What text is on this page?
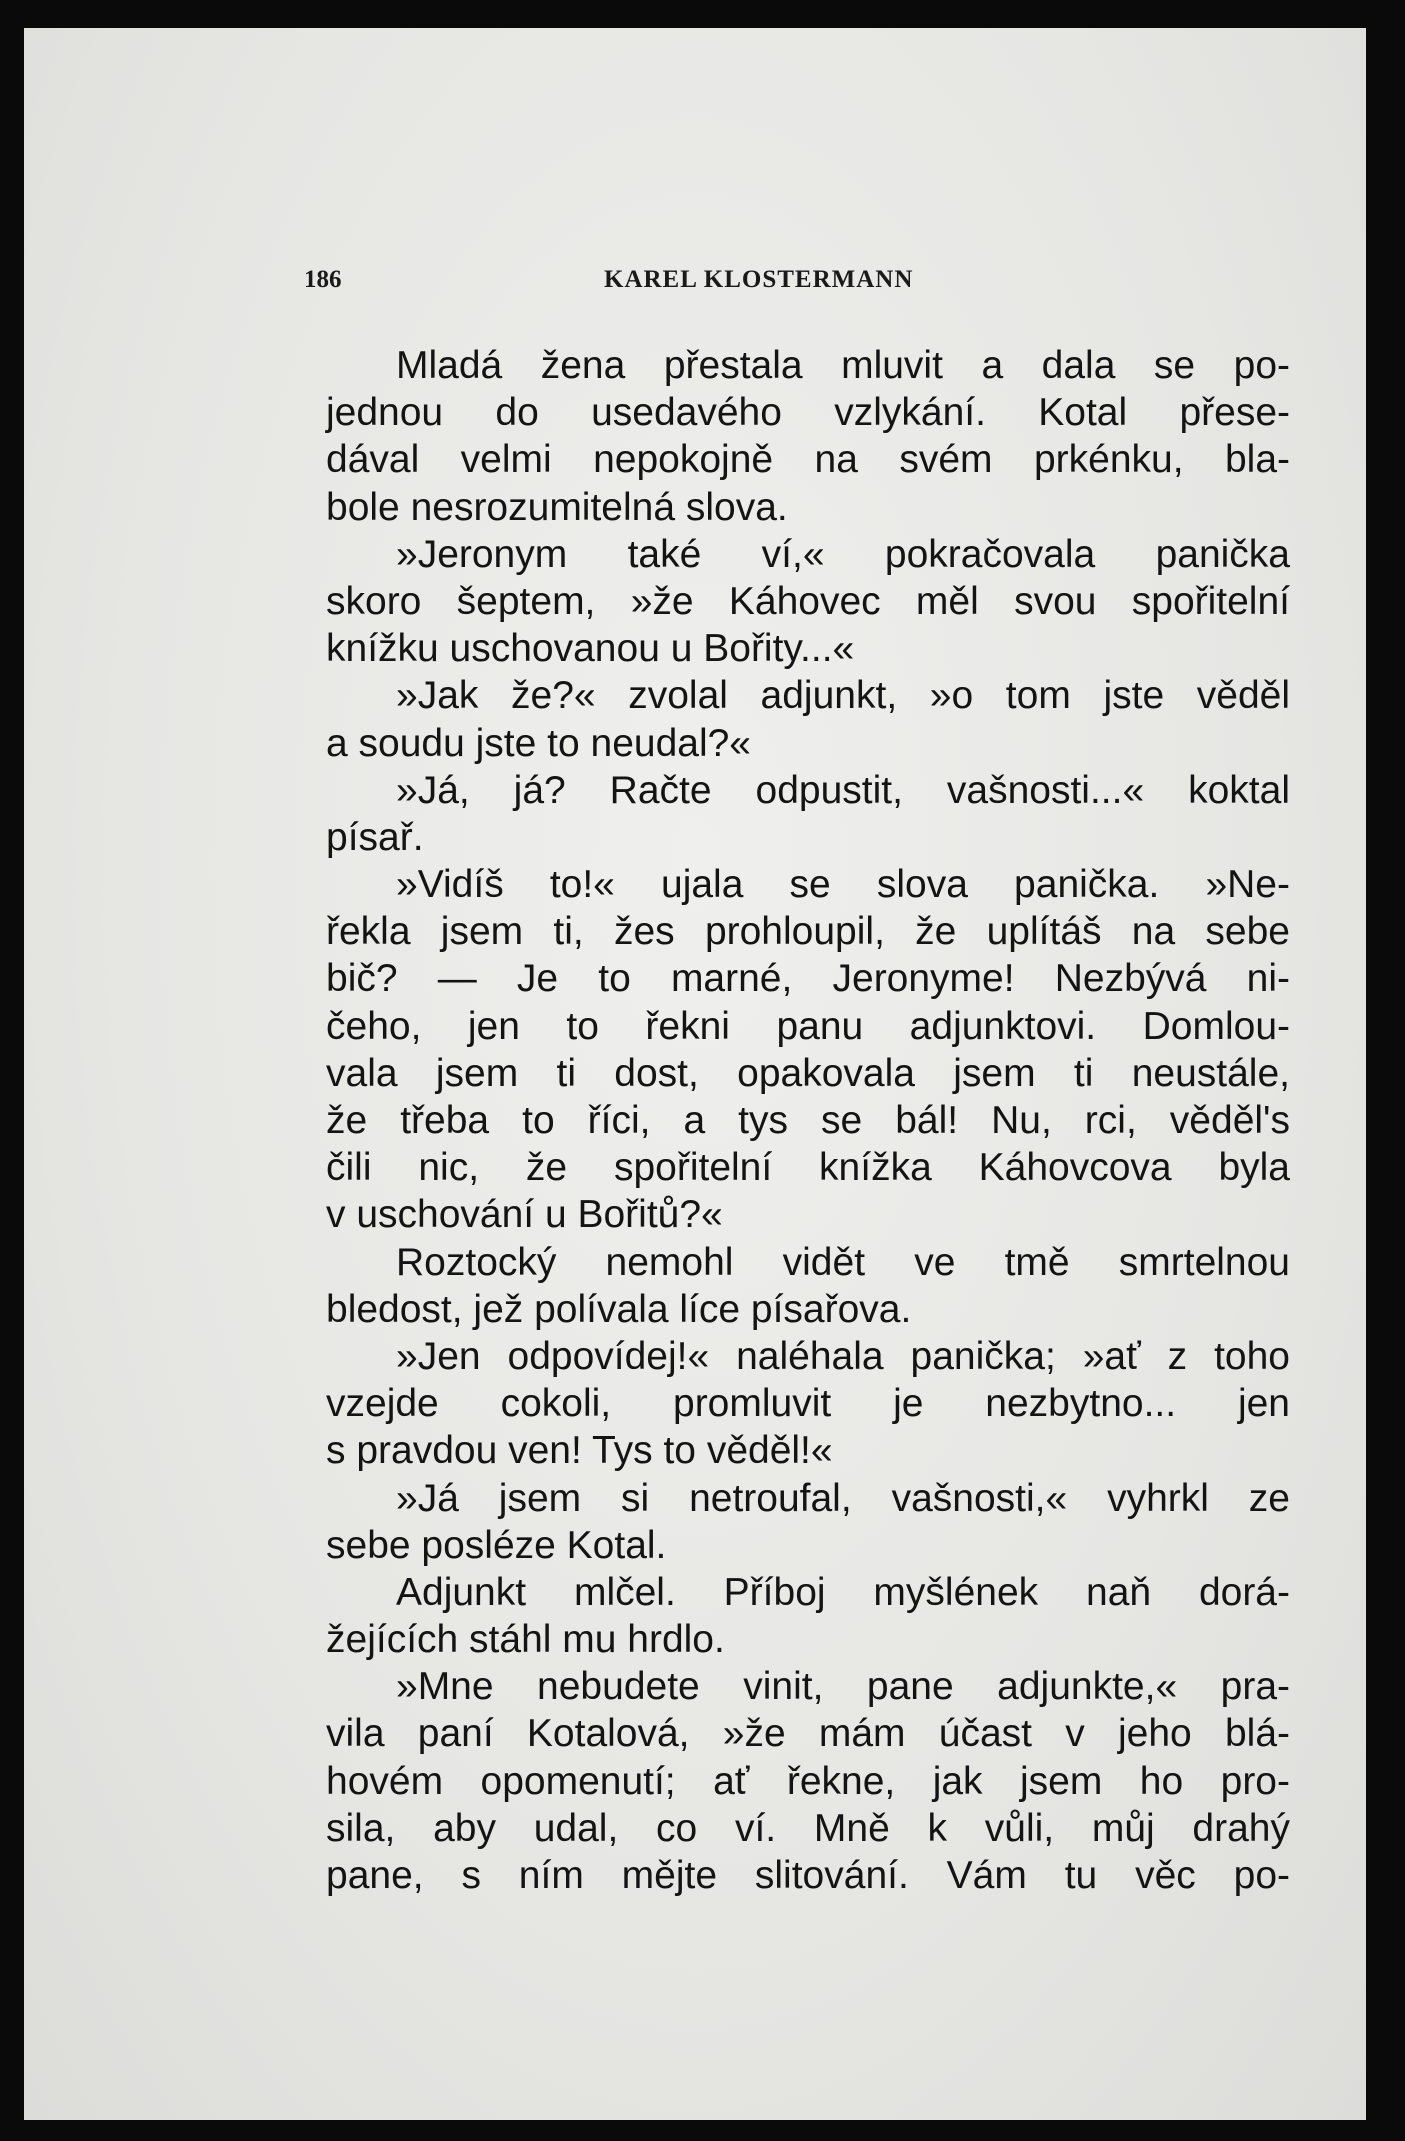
186	KAREL KLOSTERMANN
Mladá žena přestala mluvit a dala se po-
jednou do usedavého vzlykání. Kotal přese-
dával velmi nepokojně na svém prkénku, bla-
bole nesrozumitelná slova.
»Jeronym také ví,« pokračovala panička
skoro šeptem, »že Káhovec měl svou spořitelní
knížku uschovanou u Bořity...«
»Jak že?« zvolal adjunkt, »o tom jste věděl
a soudu jste to neudal?«
»Já, já? Račte odpustit, vašnosti...« koktal
písař.
»Vidíš to!« ujala se slova panička. »Ne-
řekla jsem ti, žes prohloupil, že uplítáš na sebe
bič? — Je to marné, Jeronyme! Nezbývá ni-
čeho, jen to řekni panu adjunktovi. Domlou-
vala jsem ti dost, opakovala jsem ti neustále,
že třeba to říci, a tys se bál! Nu, rci, věděl's
čili nic, že spořitelní knížka Káhovcova byla
v uschování u Bořitů?«
Roztocký nemohl vidět ve tmě smrtelnou
bledost, jež polívala líce písařova.
»Jen odpovídej!« naléhala panička; »ať z toho
vzejde cokoli, promluvit je nezbytno... jen
s pravdou ven! Tys to věděl!«
»Já jsem si netroufal, vašnosti,« vyhrkl ze
sebe posléze Kotal.
Adjunkt mlčel. Příboj myšlének naň dorá-
žejících stáhl mu hrdlo.
»Mne nebudete vinit, pane adjunkte,« pra-
vila paní Kotalová, »že mám účast v jeho blá-
hovém opomenutí; ať řekne, jak jsem ho pro-
sila, aby udal, co ví. Mně k vůli, můj drahý
pane, s ním mějte slitování. Vám tu věc po-
